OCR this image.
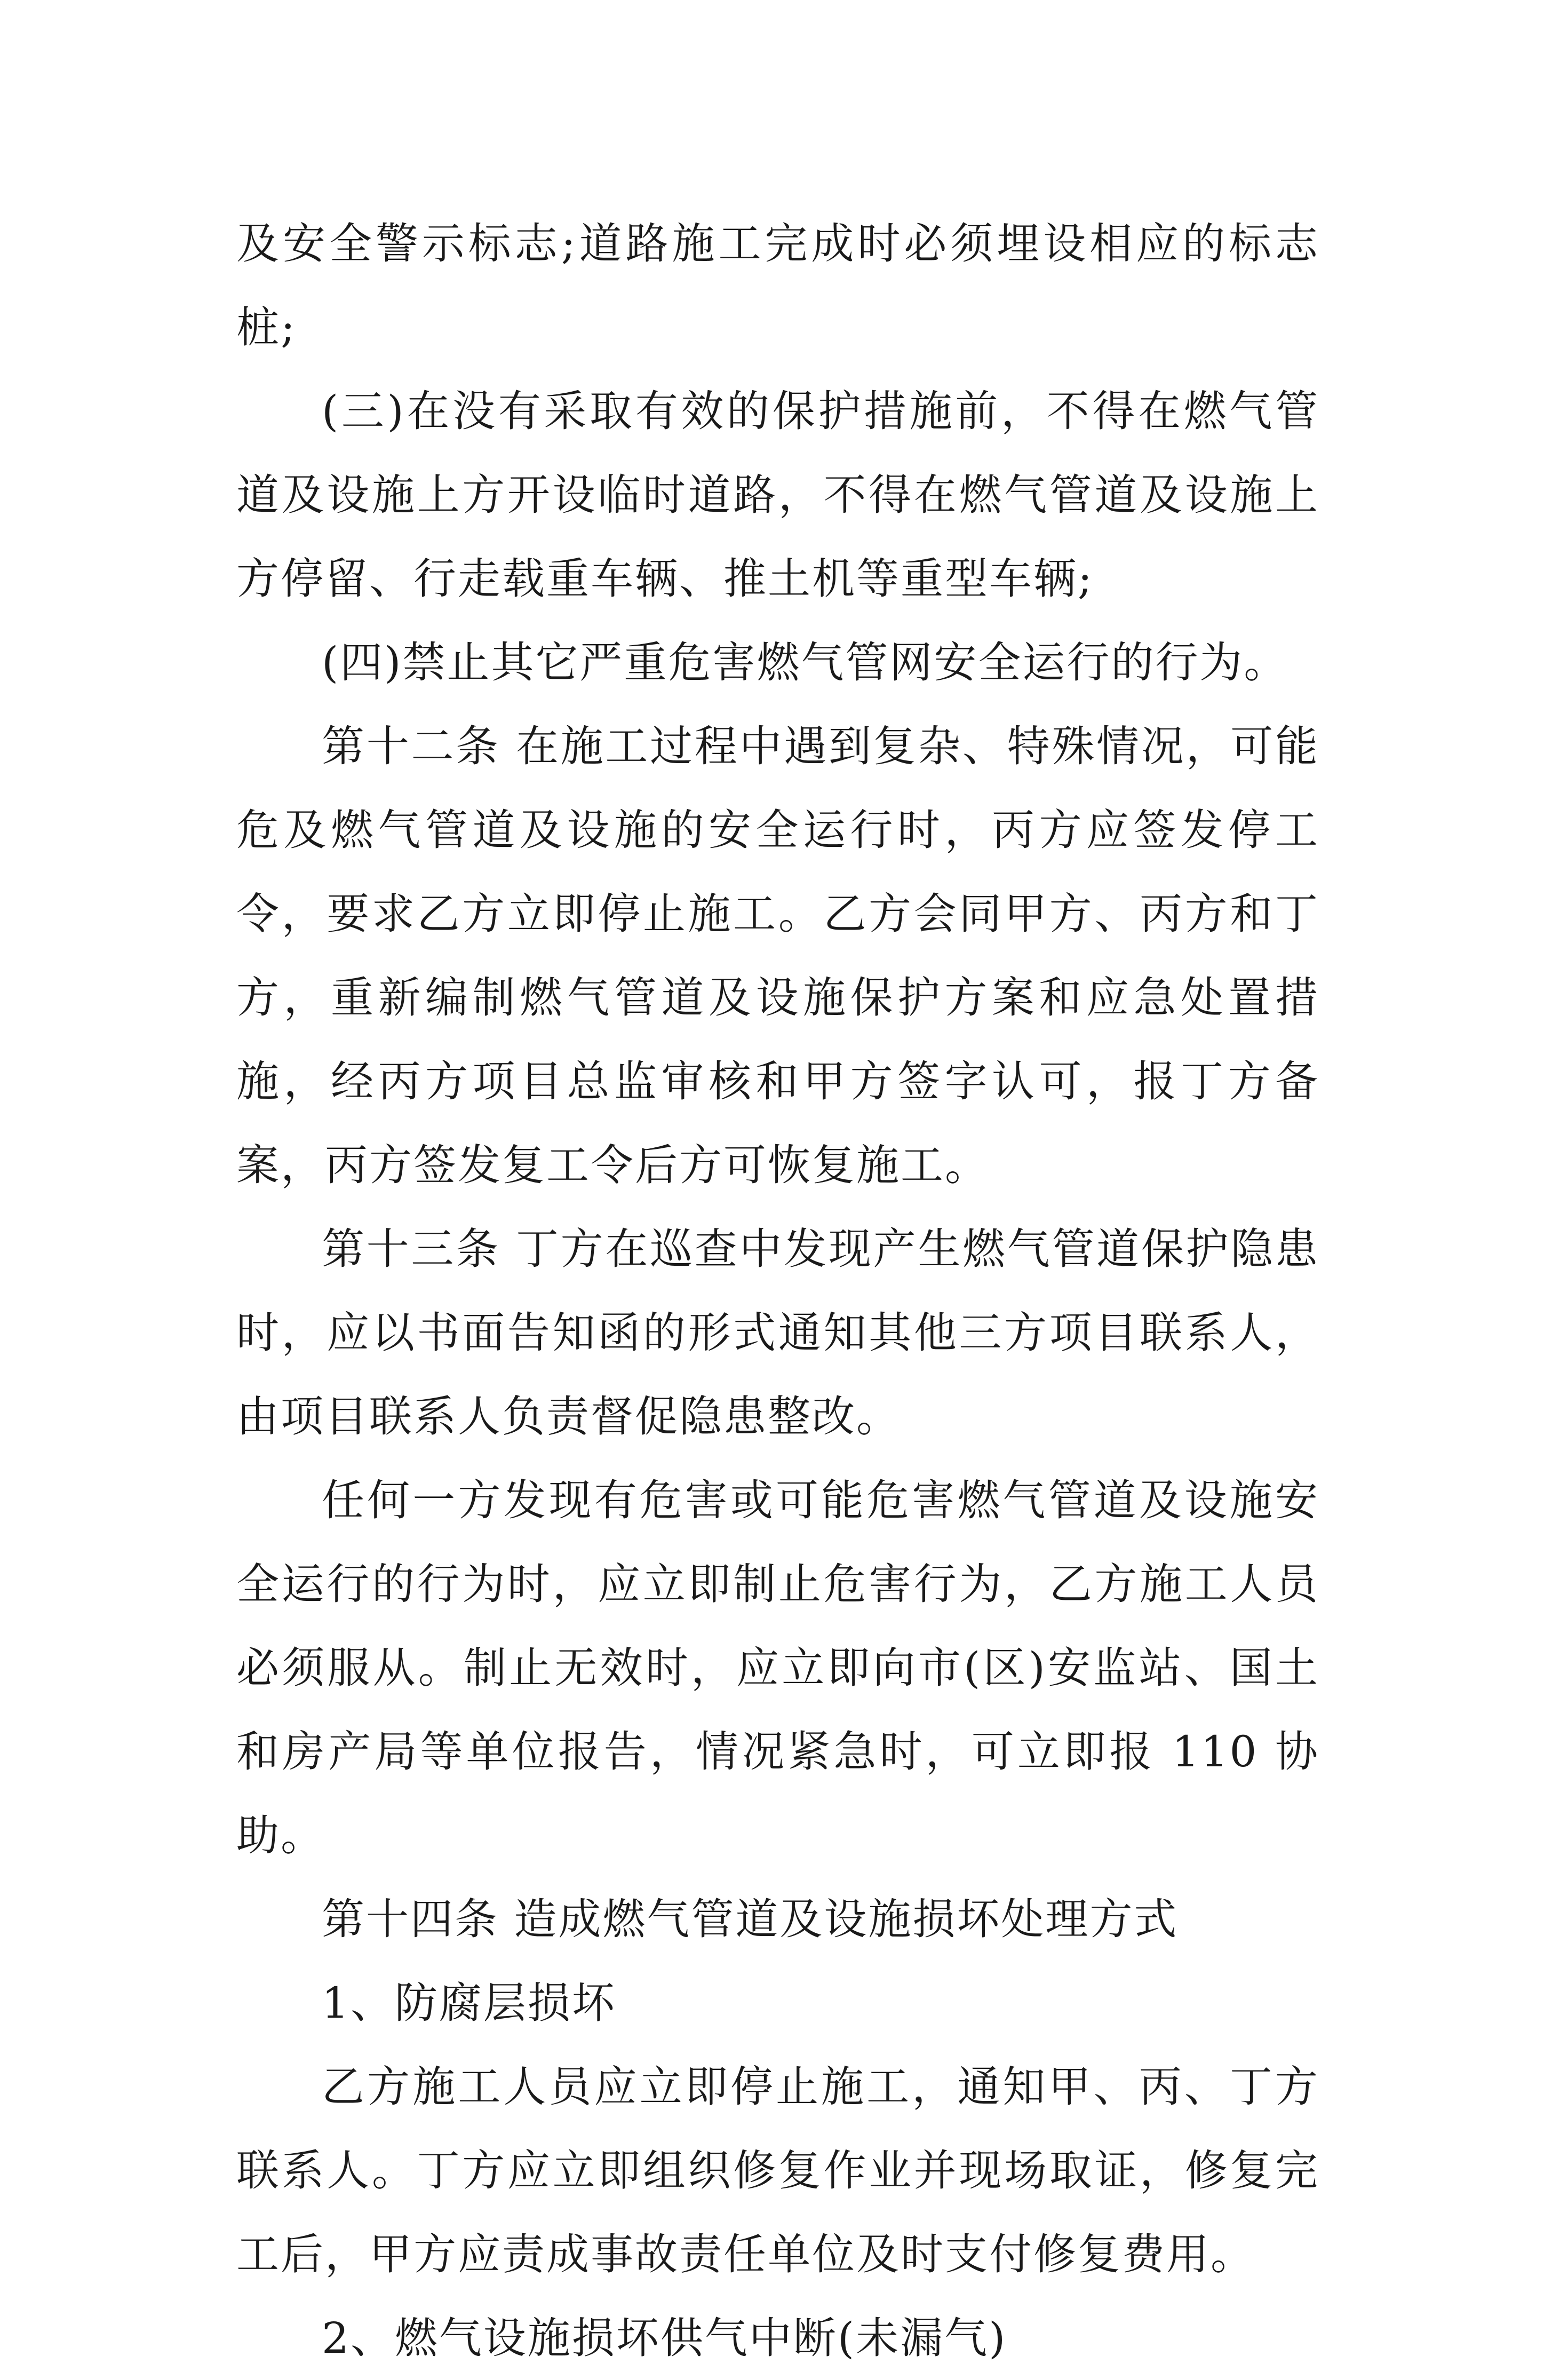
及安全警示标志;道路施工完成时必须埋设相应的标志桩;

(三)在没有采取有效的保护措施前，不得在燃气管道及设施上方开设临时道路，不得在燃气管道及设施上方停留、行走载重车辆、推土机等重型车辆;

(四)禁止其它严重危害燃气管网安全运行的行为。

第十二条 在施工过程中遇到复杂、特殊情况，可能危及燃气管道及设施的安全运行时，丙方应签发停工令，要求乙方立即停止施工。乙方会同甲方、丙方和丁方，重新编制燃气管道及设施保护方案和应急处置措施，经丙方项目总监审核和甲方签字认可，报丁方备案，丙方签发复工令后方可恢复施工。

第十三条 丁方在巡查中发现产生燃气管道保护隐患时，应以书面告知函的形式通知其他三方项目联系人，由项目联系人负责督促隐患整改。

任何一方发现有危害或可能危害燃气管道及设施安全运行的行为时，应立即制止危害行为，乙方施工人员必须服从。制止无效时，应立即向市(区)安监站、国土和房产局等单位报告，情况紧急时，可立即报 110 协助。

第十四条 造成燃气管道及设施损坏处理方式

1、防腐层损坏

乙方施工人员应立即停止施工，通知甲、丙、丁方联系人。丁方应立即组织修复作业并现场取证，修复完工后，甲方应责成事故责任单位及时支付修复费用。

2、燃气设施损坏供气中断(未漏气)
